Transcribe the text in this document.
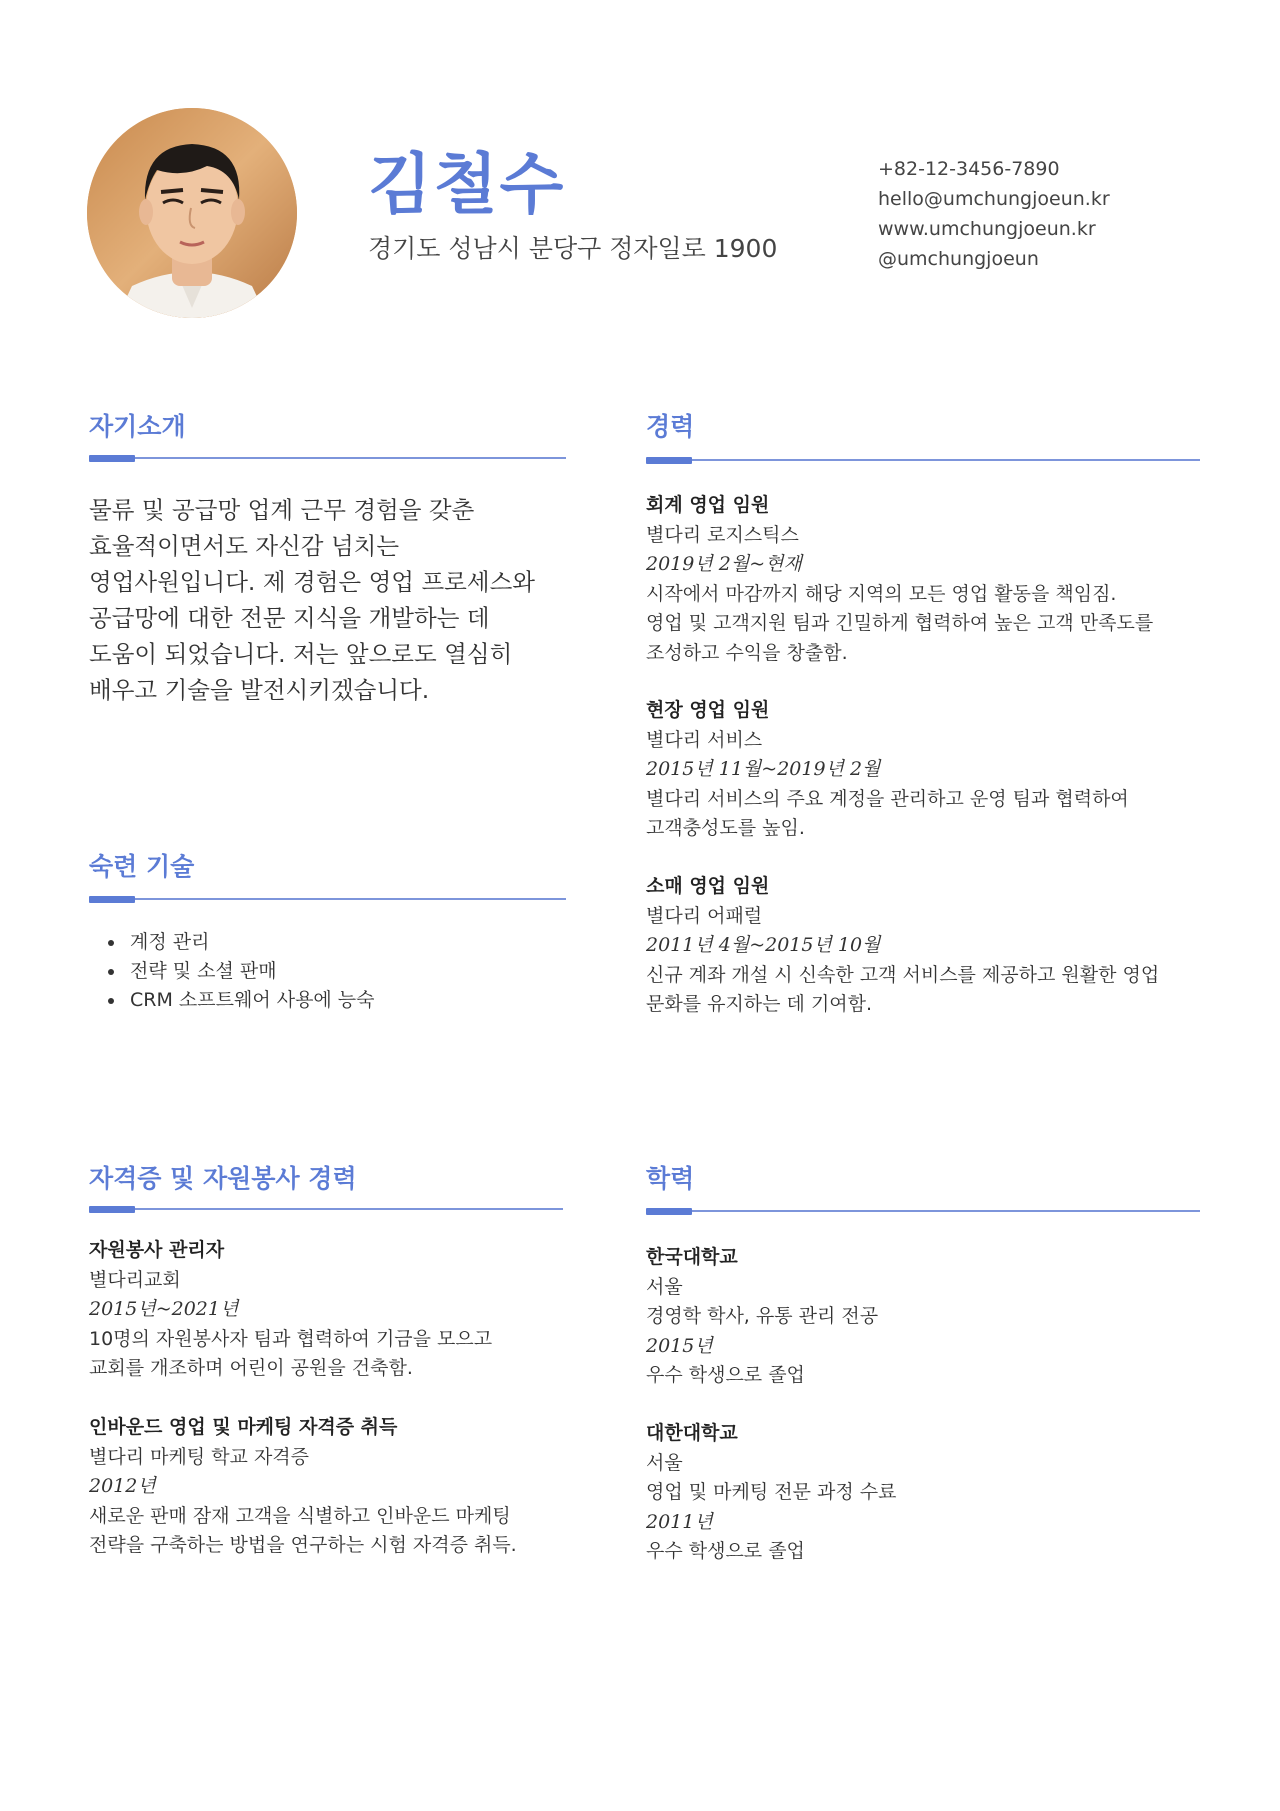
김철수
경기도 성남시 분당구 정자일로 1900
+82-12-3456-7890
hello@umchungjoeun.kr
www.umchungjoeun.kr
@umchungjoeun
자기소개
물류 및 공급망 업계 근무 경험을 갖춘
효율적이면서도 자신감 넘치는
영업사원입니다. 제 경험은 영업 프로세스와
공급망에 대한 전문 지식을 개발하는 데
도움이 되었습니다. 저는 앞으로도 열심히
배우고 기술을 발전시키겠습니다.
숙련 기술
• 계정 관리
• 전략 및 소셜 판매
• CRM 소프트웨어 사용에 능숙
경력
회계 영업 임원
별다리 로지스틱스
2019년 2월~현재
시작에서 마감까지 해당 지역의 모든 영업 활동을 책임짐.
영업 및 고객지원 팀과 긴밀하게 협력하여 높은 고객 만족도를
조성하고 수익을 창출함.
현장 영업 임원
별다리 서비스
2015년 11월~2019년 2월
별다리 서비스의 주요 계정을 관리하고 운영 팀과 협력하여
고객충성도를 높임.
소매 영업 임원
별다리 어패럴
2011년 4월~2015년 10월
신규 계좌 개설 시 신속한 고객 서비스를 제공하고 원활한 영업
문화를 유지하는 데 기여함.
자격증 및 자원봉사 경력
자원봉사 관리자
별다리교회
2015년~2021년
10명의 자원봉사자 팀과 협력하여 기금을 모으고
교회를 개조하며 어린이 공원을 건축함.
인바운드 영업 및 마케팅 자격증 취득
별다리 마케팅 학교 자격증
2012년
새로운 판매 잠재 고객을 식별하고 인바운드 마케팅
전략을 구축하는 방법을 연구하는 시험 자격증 취득.
학력
한국대학교
서울
경영학 학사, 유통 관리 전공
2015년
우수 학생으로 졸업
대한대학교
서울
영업 및 마케팅 전문 과정 수료
2011년
우수 학생으로 졸업
